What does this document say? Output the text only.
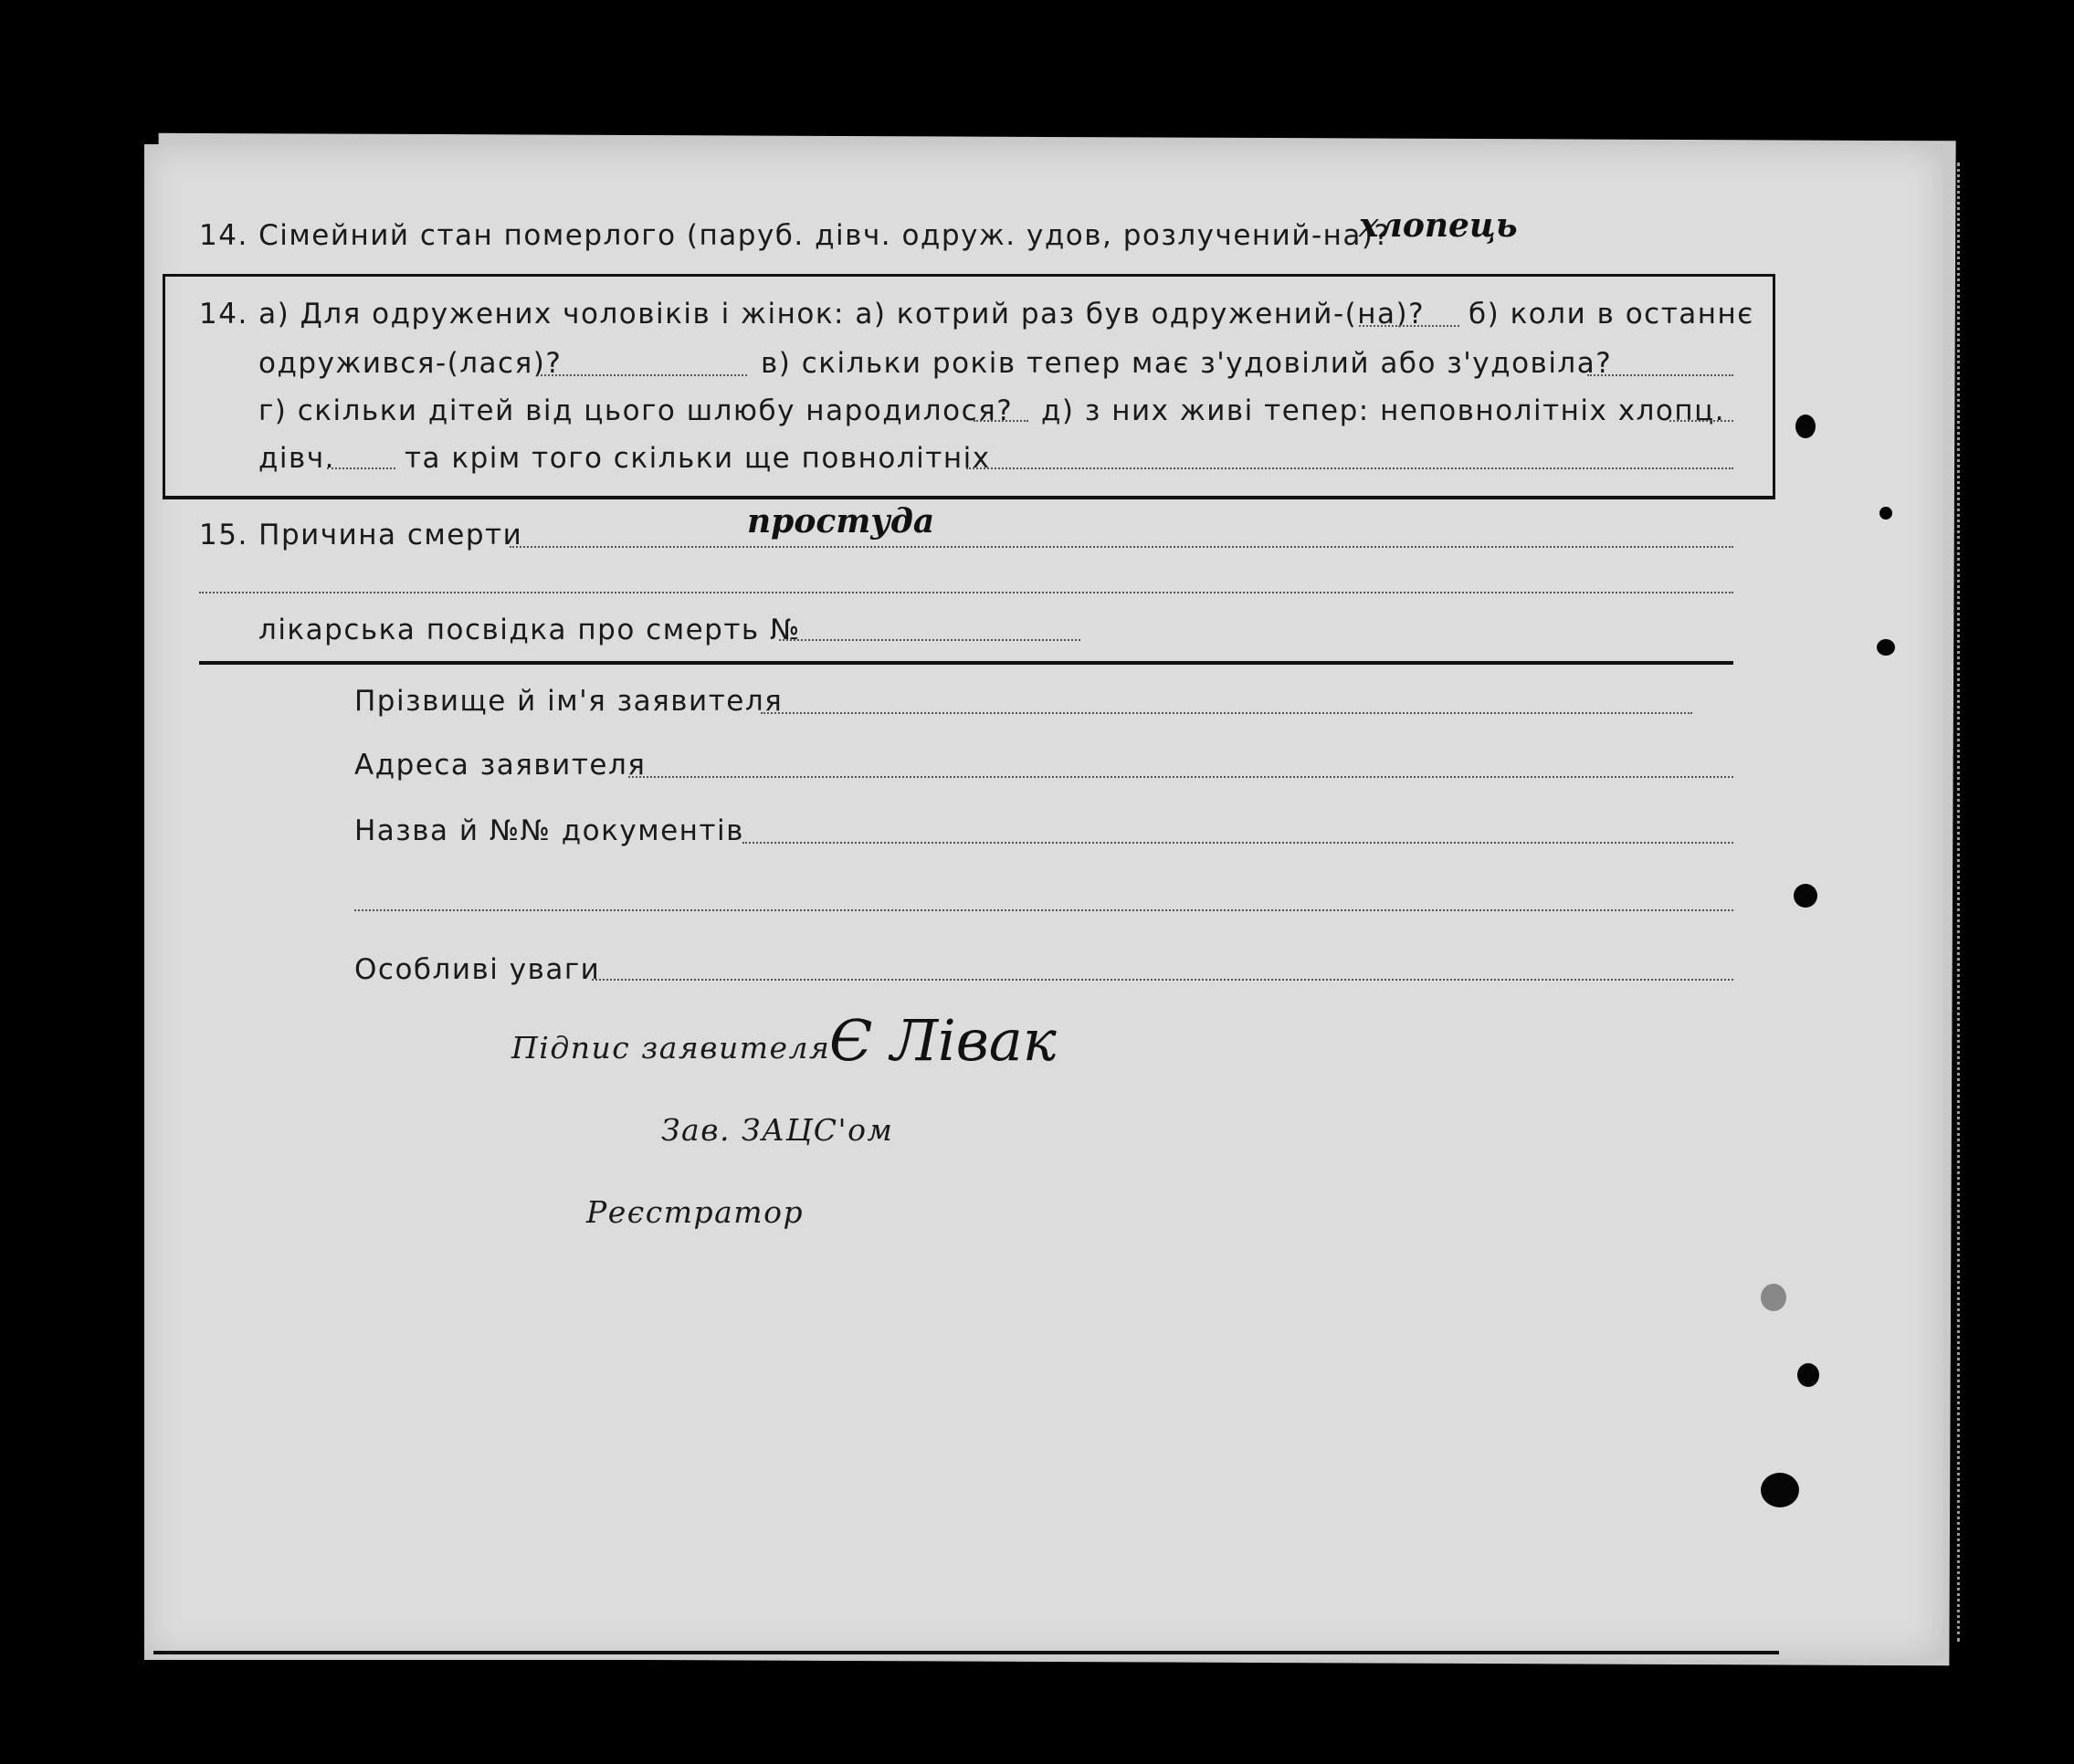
14. Сімейний стан померлого (паруб. дівч. одруж. удов, розлучений-на)?
хлопець
14. а) Для одружених чоловіків і жінок: а) котрий раз був одружений-(на)? б) коли в останнє
одружився-(лася)?	в) скільки років тепер має з'удовілий або з'удовіла?
г) скільки дітей від цього шлюбу народилося? д) з них живі тепер: неповнолітніх хлопц.
дівч. та крім того скільки ще повнолітніх
15. Причина смерти	простуда
лікарська посвідка про смерть №
Прізвище й ім'я заявителя
Адреса заявителя
Назва й №№ документів
Особливі уваги
Підпис заявителя
Є Лівак
Зав. ЗАЦС'ом
Реєстратор
